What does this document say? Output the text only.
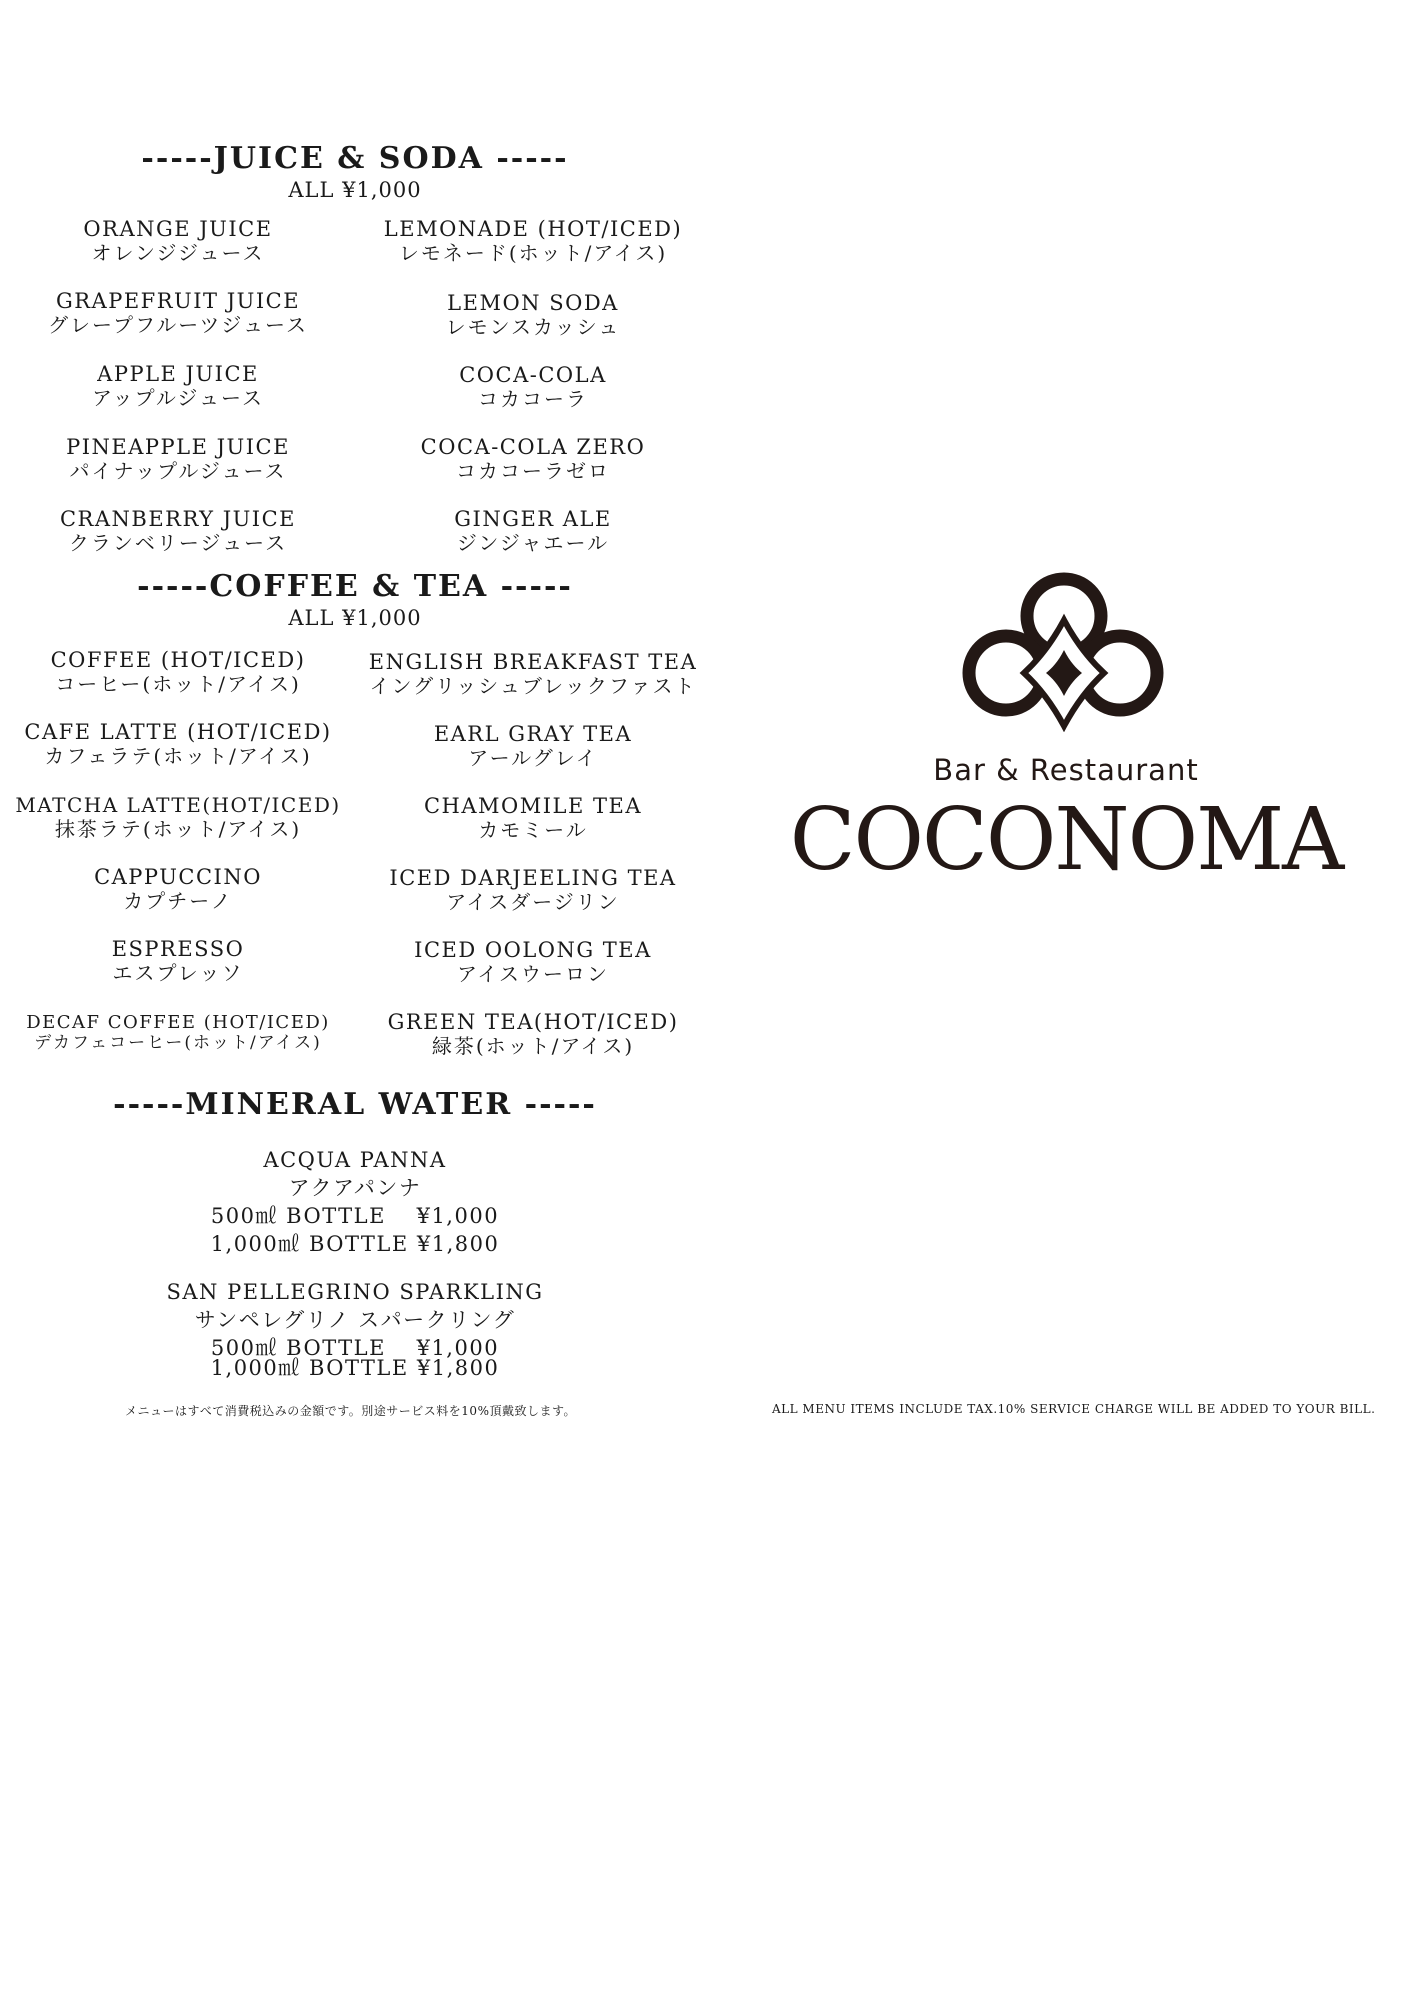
-----JUICE & SODA -----
ALL ¥1,000
ORANGE JUICE
オレンジジュース
GRAPEFRUIT JUICE
グレープフルーツジュース
APPLE JUICE
アップルジュース
PINEAPPLE JUICE
パイナップルジュース
CRANBERRY JUICE
クランベリージュース
LEMONADE (HOT/ICED)
レモネード(ホット/アイス)
LEMON SODA
レモンスカッシュ
COCA-COLA
コカコーラ
COCA-COLA ZERO
コカコーラゼロ
GINGER ALE
ジンジャエール
-----COFFEE & TEA -----
ALL ¥1,000
COFFEE (HOT/ICED)
コーヒー(ホット/アイス)
CAFE LATTE (HOT/ICED)
カフェラテ(ホット/アイス)
MATCHA LATTE(HOT/ICED)
抹茶ラテ(ホット/アイス)
CAPPUCCINO
カプチーノ
ESPRESSO
エスプレッソ
DECAF COFFEE (HOT/ICED)
デカフェコーヒー(ホット/アイス)
ENGLISH BREAKFAST TEA
イングリッシュブレックファスト
EARL GRAY TEA
アールグレイ
CHAMOMILE TEA
カモミール
ICED DARJEELING TEA
アイスダージリン
ICED OOLONG TEA
アイスウーロン
GREEN TEA(HOT/ICED)
緑茶(ホット/アイス)
-----MINERAL WATER -----
ACQUA PANNA
アクアパンナ
500㎖ BOTTLE　 ¥1,000
1,000㎖ BOTTLE ¥1,800
SAN PELLEGRINO SPARKLING
サンペレグリノ スパークリング
500㎖ BOTTLE　 ¥1,000
1,000㎖ BOTTLE ¥1,800
メニューはすべて消費税込みの金額です。別途サービス料を10%頂戴致します。	ALL MENU ITEMS INCLUDE TAX.10% SERVICE CHARGE WILL BE ADDED TO YOUR BILL.
Bar & Restaurant
COCONOMA
